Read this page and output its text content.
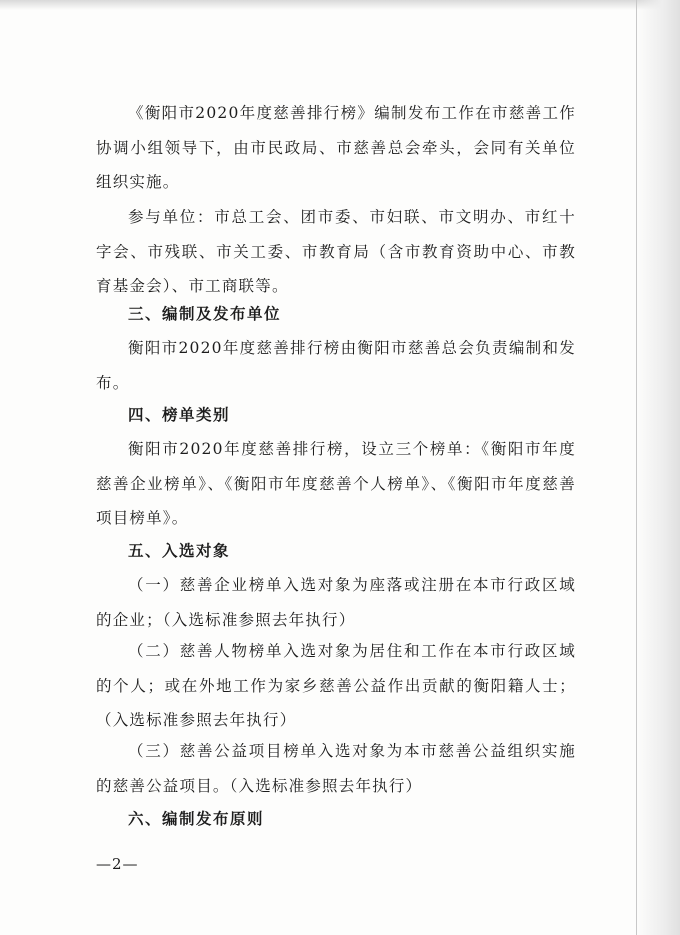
《衡阳市2020年度慈善排行榜》编制发布工作在市慈善工作协调小组领导下，由市民政局、市慈善总会牵头，会同有关单位组织实施。

参与单位：市总工会、团市委、市妇联、市文明办、市红十字会、市残联、市关工委、市教育局（含市教育资助中心、市教育基金会）、市工商联等。

三、编制及发布单位

衡阳市2020年度慈善排行榜由衡阳市慈善总会负责编制和发布。

四、榜单类别

衡阳市2020年度慈善排行榜，设立三个榜单：《衡阳市年度慈善企业榜单》、《衡阳市年度慈善个人榜单》、《衡阳市年度慈善项目榜单》。

五、入选对象

（一）慈善企业榜单入选对象为座落或注册在本市行政区域的企业；（入选标准参照去年执行）

（二）慈善人物榜单入选对象为居住和工作在本市行政区域的个人；或在外地工作为家乡慈善公益作出贡献的衡阳籍人士；（入选标准参照去年执行）

（三）慈善公益项目榜单入选对象为本市慈善公益组织实施的慈善公益项目。（入选标准参照去年执行）

六、编制发布原则

—2—
